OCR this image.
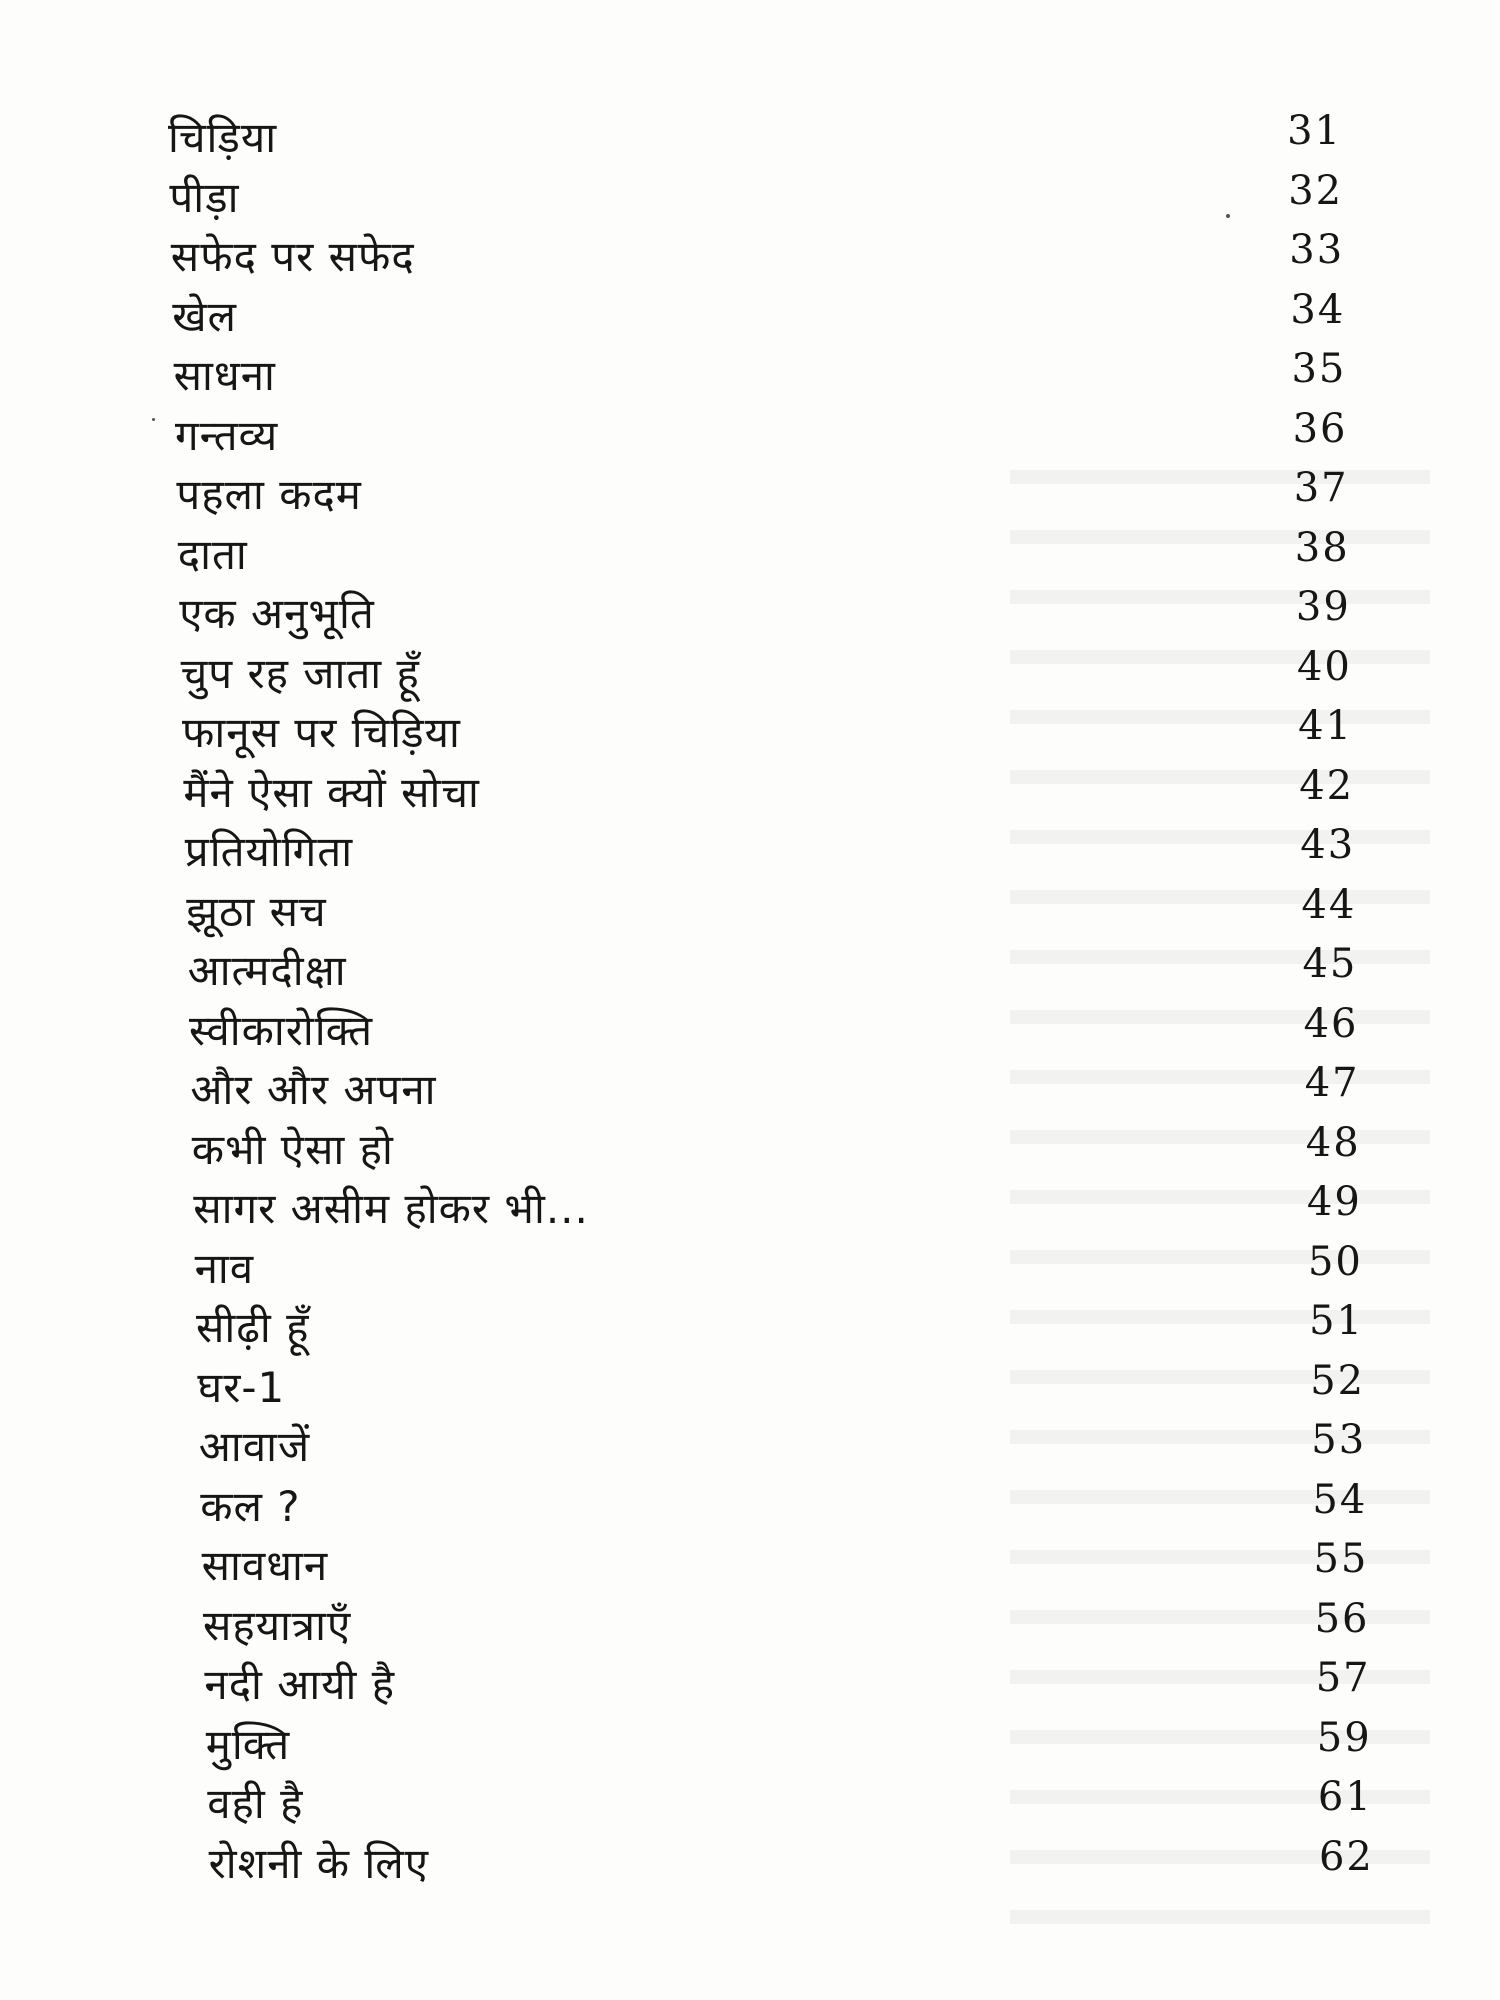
चिड़िया	31
पीड़ा	32
सफेद पर सफेद	33
खेल	34
साधना	35
गन्तव्य	36
पहला कदम	37
दाता	38
एक अनुभूति	39
चुप रह जाता हूँ	40
फानूस पर चिड़िया	41
मैंने ऐसा क्यों सोचा	42
प्रतियोगिता	43
झूठा सच	44
आत्मदीक्षा	45
स्वीकारोक्ति	46
और और अपना	47
कभी ऐसा हो	48
सागर असीम होकर भी...	49
नाव	50
सीढ़ी हूँ	51
घर-1	52
आवाजें	53
कल ?	54
सावधान	55
सहयात्राएँ	56
नदी आयी है	57
मुक्ति	59
वही है	61
रोशनी के लिए	62
